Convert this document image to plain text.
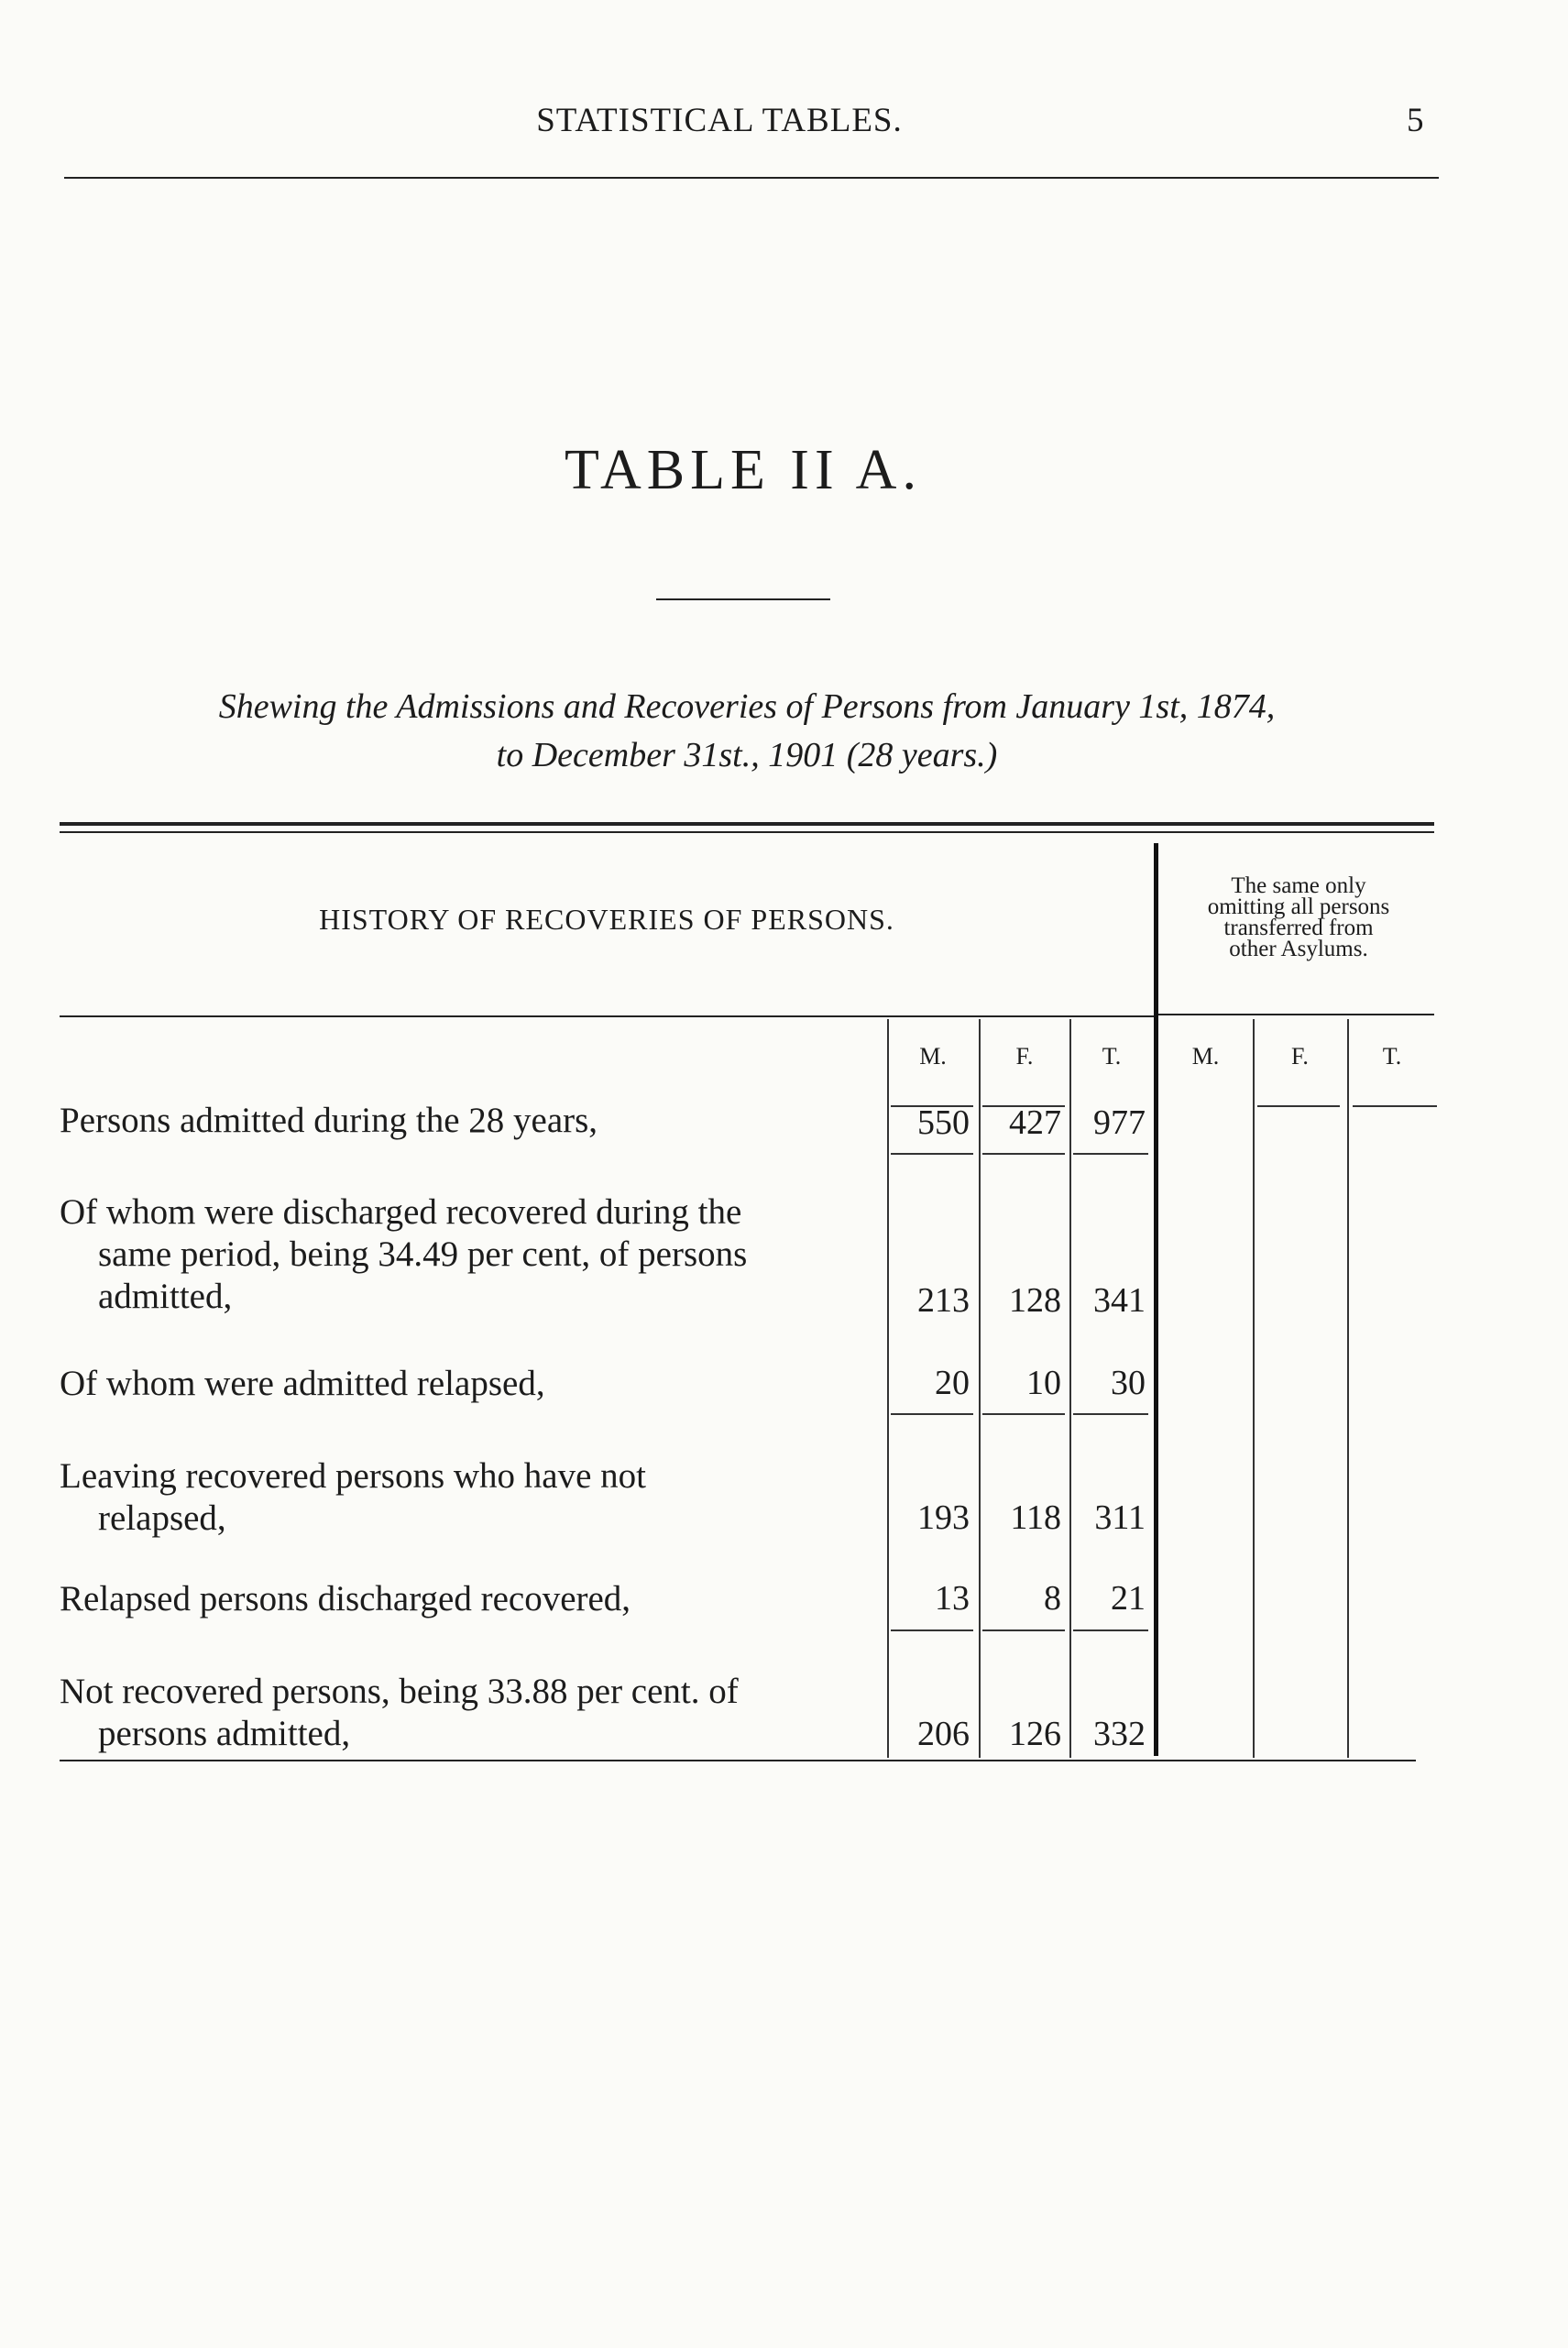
STATISTICAL TABLES.	5
TABLE II A.
Shewing the Admissions and Recoveries of Persons from January 1st, 1874,
to December 31st., 1901 (28 years.)
HISTORY OF RECOVERIES OF PERSONS.
The same only
omitting all persons
transferred from
other Asylums.
M.	F.	T.	M.	F.	T.
Persons admitted during the 28 years,	550	427 977
Of whom were discharged recovered during the
same period, being 34.49 per cent, of persons
admitted,	213	128 341
Of whom were admitted relapsed,	20	10	30
Leaving recovered persons who have not
relapsed,	193	118 311
Relapsed persons discharged recovered,	13	8	21
Not recovered persons, being 33.88 per cent. of
persons admitted,	206	126 332
